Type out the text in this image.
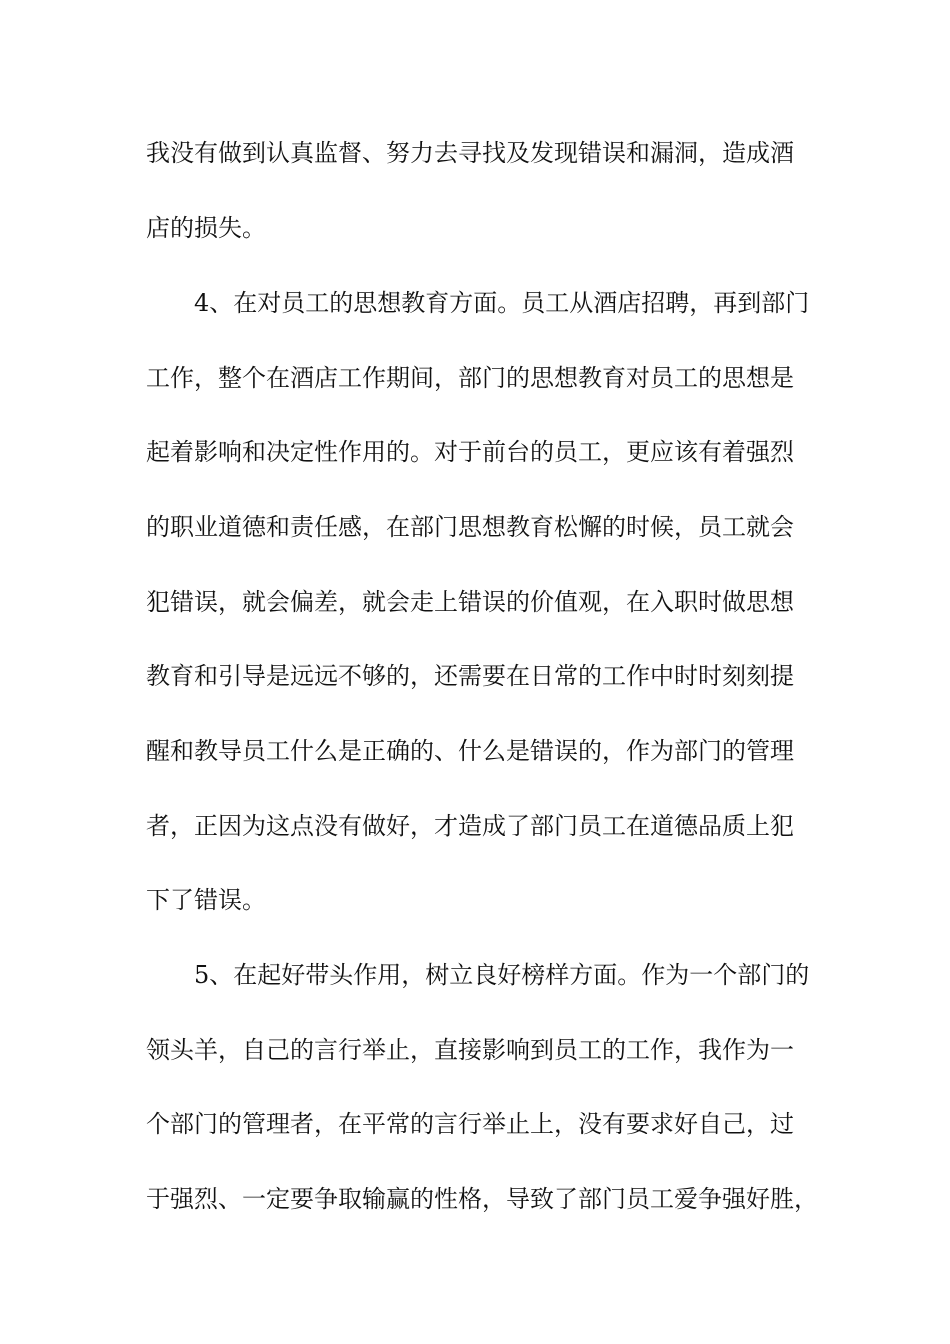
我没有做到认真监督、努力去寻找及发现错误和漏洞，造成酒
店的损失。
4、在对员工的思想教育方面。员工从酒店招聘，再到部门
工作，整个在酒店工作期间，部门的思想教育对员工的思想是
起着影响和决定性作用的。对于前台的员工，更应该有着强烈
的职业道德和责任感，在部门思想教育松懈的时候，员工就会
犯错误，就会偏差，就会走上错误的价值观，在入职时做思想
教育和引导是远远不够的，还需要在日常的工作中时时刻刻提
醒和教导员工什么是正确的、什么是错误的，作为部门的管理
者，正因为这点没有做好，才造成了部门员工在道德品质上犯
下了错误。
5、在起好带头作用，树立良好榜样方面。作为一个部门的
领头羊，自己的言行举止，直接影响到员工的工作，我作为一
个部门的管理者，在平常的言行举止上，没有要求好自己，过
于强烈、一定要争取输赢的性格，导致了部门员工爱争强好胜，
